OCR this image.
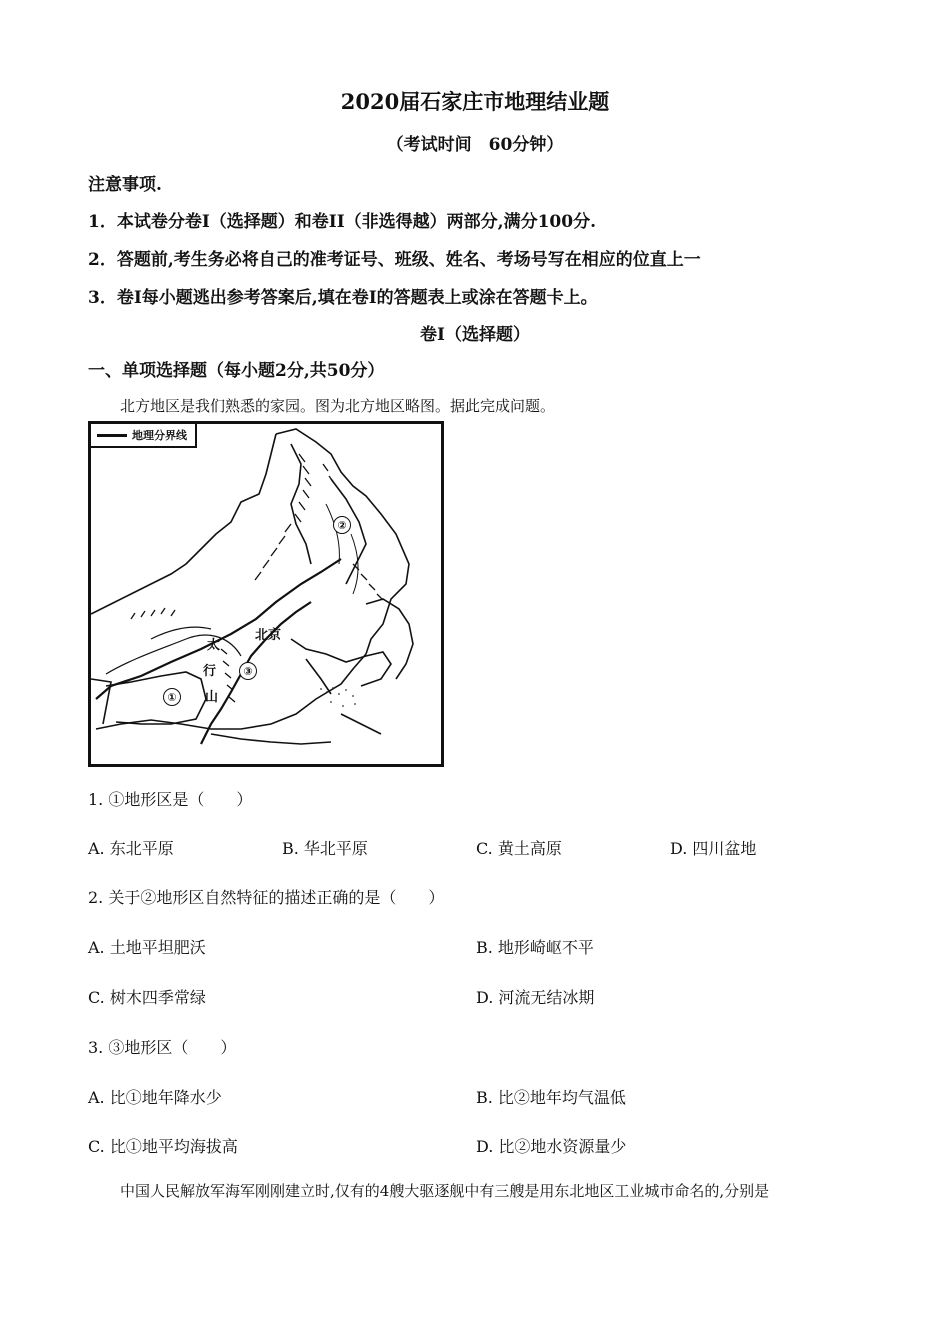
2020届石家庄市地理结业题
（考试时间　60分钟）
注意事项.
1．本试卷分卷I（选择题）和卷II（非选得越）两部分,满分100分.
2．答题前,考生务必将自己的准考证号、班级、姓名、考场号写在相应的位直上一
3．卷I每小题逃出参考答案后,填在卷I的答题表上或涂在答题卡上。
卷I（选择题）
一、单项选择题（每小题2分,共50分）
北方地区是我们熟悉的家园。图为北方地区略图。据此完成问题。
地理分界线
北京
太
行
山
①
②
③
1. ①地形区是（　　）
A. 东北平原	B. 华北平原	C. 黄土高原	D. 四川盆地
2. 关于②地形区自然特征的描述正确的是（　　）
A. 土地平坦肥沃	B. 地形崎岖不平
C. 树木四季常绿	D. 河流无结冰期
3. ③地形区（　　）
A. 比①地年降水少	B. 比②地年均气温低
C. 比①地平均海拔高	D. 比②地水资源量少
中国人民解放军海军刚刚建立时,仅有的4艘大驱逐舰中有三艘是用东北地区工业城市命名的,分别是
